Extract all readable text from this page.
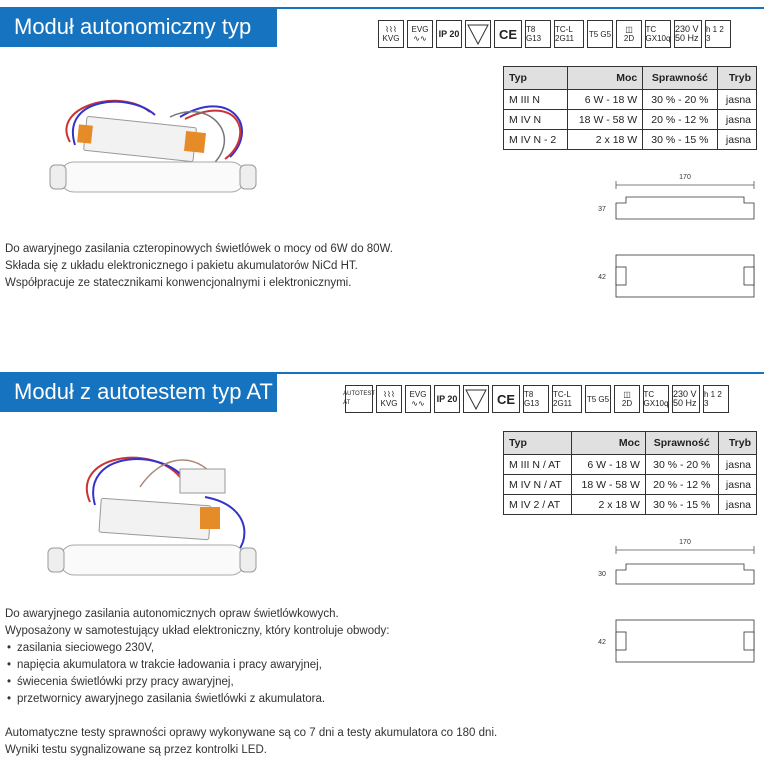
Moduł autonomiczny typ SE
⌇⌇⌇
KVG
EVG
∿∿ IP 20	CE T8 G13
TC-L 2G11	T5 G5 ◫
2D
TC GX10q
230 V 50 Hz
h 1 2 3
Typ	Moc	Sprawność	Tryb
M III N	6 W - 18 W	30 % - 20 %	jasna
M IV N	18 W - 58 W	20 % - 12 %	jasna
M IV N - 2	2 x 18 W	30 % - 15 %	jasna
170
37
42
Do awaryjnego zasilania czteropinowych świetlówek o mocy od 6W do 80W.
Składa się z układu elektronicznego i pakietu akumulatorów NiCd HT.
Współpracuje ze statecznikami konwencjonalnymi i elektronicznymi.
Moduł z autotestem typ AT	AUTOTEST AT
⌇⌇⌇
KVG
EVG
∿∿ IP 20	CE T8 G13
TC-L 2G11	T5 G5 ◫
2D
TC GX10q
230 V 50 Hz
h 1 2 3
Typ	Moc	Sprawność	Tryb
M III N / AT	6 W - 18 W	30 % - 20 %	jasna
M IV N / AT	18 W - 58 W	20 % - 12 %	jasna
M IV 2 / AT	2 x 18 W	30 % - 15 %	jasna
170
30
42
Do awaryjnego zasilania autonomicznych opraw świetlówkowych.
Wyposażony w samotestujący układ elektroniczny, który kontroluje obwody:
• zasilania sieciowego 230V,
• napięcia akumulatora w trakcie ładowania i pracy awaryjnej,
• świecenia świetlówki przy pracy awaryjnej,
• przetwornicy awaryjnego zasilania świetlówki z akumulatora.
Automatyczne testy sprawności oprawy wykonywane są co 7 dni a testy akumulatora co 180 dni.
Wyniki testu sygnalizowane są przez kontrolki LED.
